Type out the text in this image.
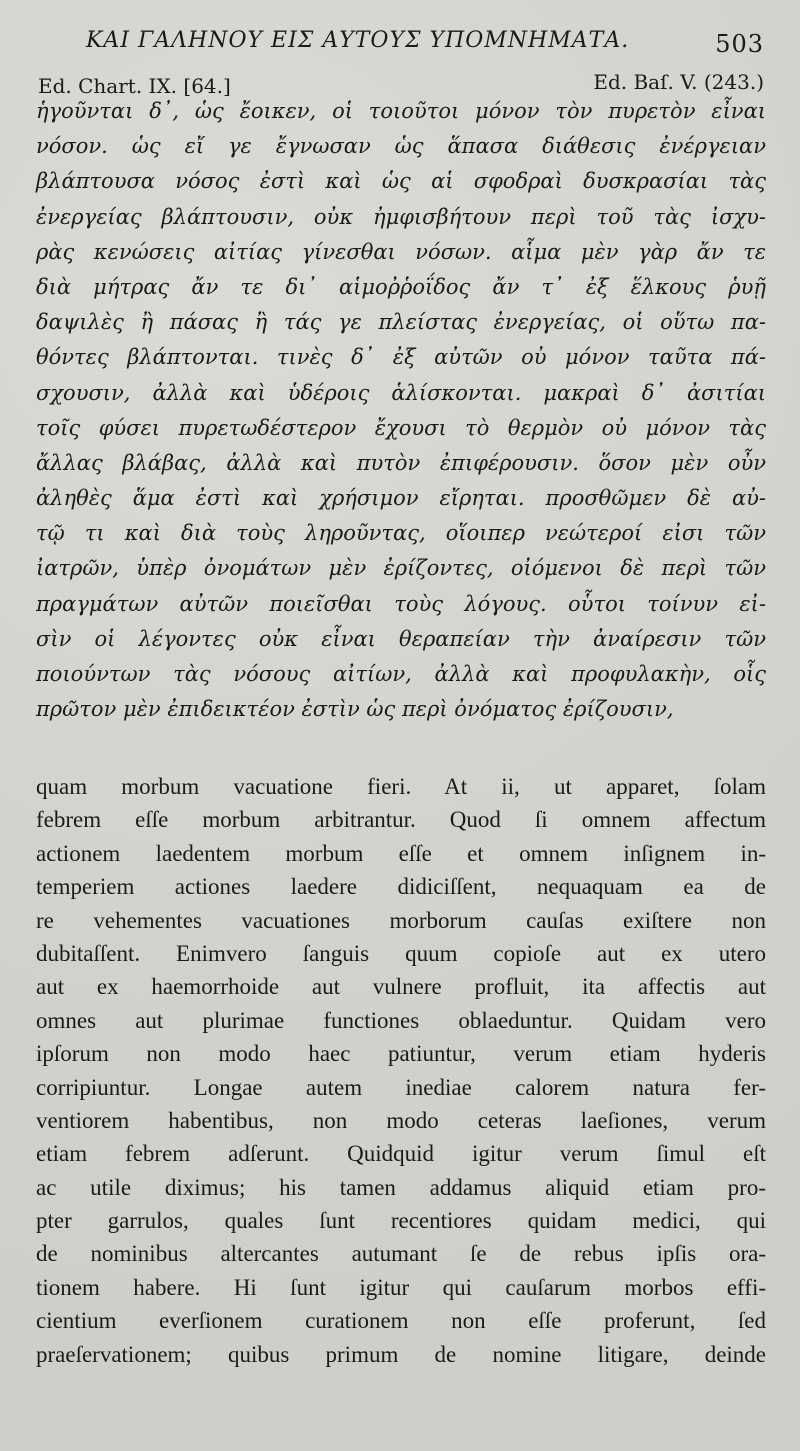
ΚΑΙ ΓΑΛΗΝΟΥ ΕΙΣ ΑΥΤΟΥΣ ΥΠΟΜΝΗΜΑΤΑ.	503
Ed. Chart. IX. [64.]	Ed. Baſ. V. (243.)
ἡγοῦνται δ᾽, ὡς ἔοικεν, οἱ τοιοῦτοι μόνον τὸν πυρετὸν εἶναι
νόσον. ὡς εἴ γε ἔγνωσαν ὡς ἅπασα διάθεσις ἐνέργειαν
βλάπτουσα νόσος ἐστὶ καὶ ὡς αἱ σφοδραὶ δυσκρασίαι τὰς
ἐνεργείας βλάπτουσιν, οὐκ ἠμφισβήτουν περὶ τοῦ τὰς ἰσχυ-
ρὰς κενώσεις αἰτίας γίνεσθαι νόσων. αἷμα μὲν γὰρ ἄν τε
διὰ μήτρας ἄν τε δι᾽ αἱμοῤῥοΐδος ἄν τ᾽ ἐξ ἕλκους ῥυῇ
δαψιλὲς ἢ πάσας ἢ τάς γε πλείστας ἐνεργείας, οἱ οὕτω πα-
θόντες βλάπτονται. τινὲς δ᾽ ἐξ αὐτῶν οὐ μόνον ταῦτα πά-
σχουσιν, ἀλλὰ καὶ ὑδέροις ἁλίσκονται. μακραὶ δ᾽ ἀσιτίαι
τοῖς φύσει πυρετωδέστερον ἔχουσι τὸ θερμὸν οὐ μόνον τὰς
ἄλλας βλάβας, ἀλλὰ καὶ πυτὸν ἐπιφέρουσιν. ὅσον μὲν οὖν
ἀληθὲς ἅμα ἐστὶ καὶ χρήσιμον εἴρηται. προσθῶμεν δὲ αὐ-
τῷ τι καὶ διὰ τοὺς ληροῦντας, οἵοιπερ νεώτεροί εἰσι τῶν
ἰατρῶν, ὑπὲρ ὀνομάτων μὲν ἐρίζοντες, οἰόμενοι δὲ περὶ τῶν
πραγμάτων αὐτῶν ποιεῖσθαι τοὺς λόγους. οὗτοι τοίνυν εἰ-
σὶν οἱ λέγοντες οὐκ εἶναι θεραπείαν τὴν ἀναίρεσιν τῶν
ποιούντων τὰς νόσους αἰτίων, ἀλλὰ καὶ προφυλακὴν, οἷς
πρῶτον μὲν ἐπιδεικτέον ἐστὶν ὡς περὶ ὀνόματος ἐρίζουσιν,
quam morbum vacuatione fieri. At ii, ut apparet, ſolam
febrem eſſe morbum arbitrantur. Quod ſi omnem affectum
actionem laedentem morbum eſſe et omnem inſignem in-
temperiem actiones laedere didiciſſent, nequaquam ea de
re vehementes vacuationes morborum cauſas exiſtere non
dubitaſſent. Enimvero ſanguis quum copioſe aut ex utero
aut ex haemorrhoide aut vulnere profluit, ita affectis aut
omnes aut plurimae functiones oblaeduntur. Quidam vero
ipſorum non modo haec patiuntur, verum etiam hyderis
corripiuntur. Longae autem inediae calorem natura fer-
ventiorem habentibus, non modo ceteras laeſiones, verum
etiam febrem adſerunt. Quidquid igitur verum ſimul eſt
ac utile diximus; his tamen addamus aliquid etiam pro-
pter garrulos, quales ſunt recentiores quidam medici, qui
de nominibus altercantes autumant ſe de rebus ipſis ora-
tionem habere. Hi ſunt igitur qui cauſarum morbos effi-
cientium everſionem curationem non eſſe proferunt, ſed
praeſervationem; quibus primum de nomine litigare, deinde
